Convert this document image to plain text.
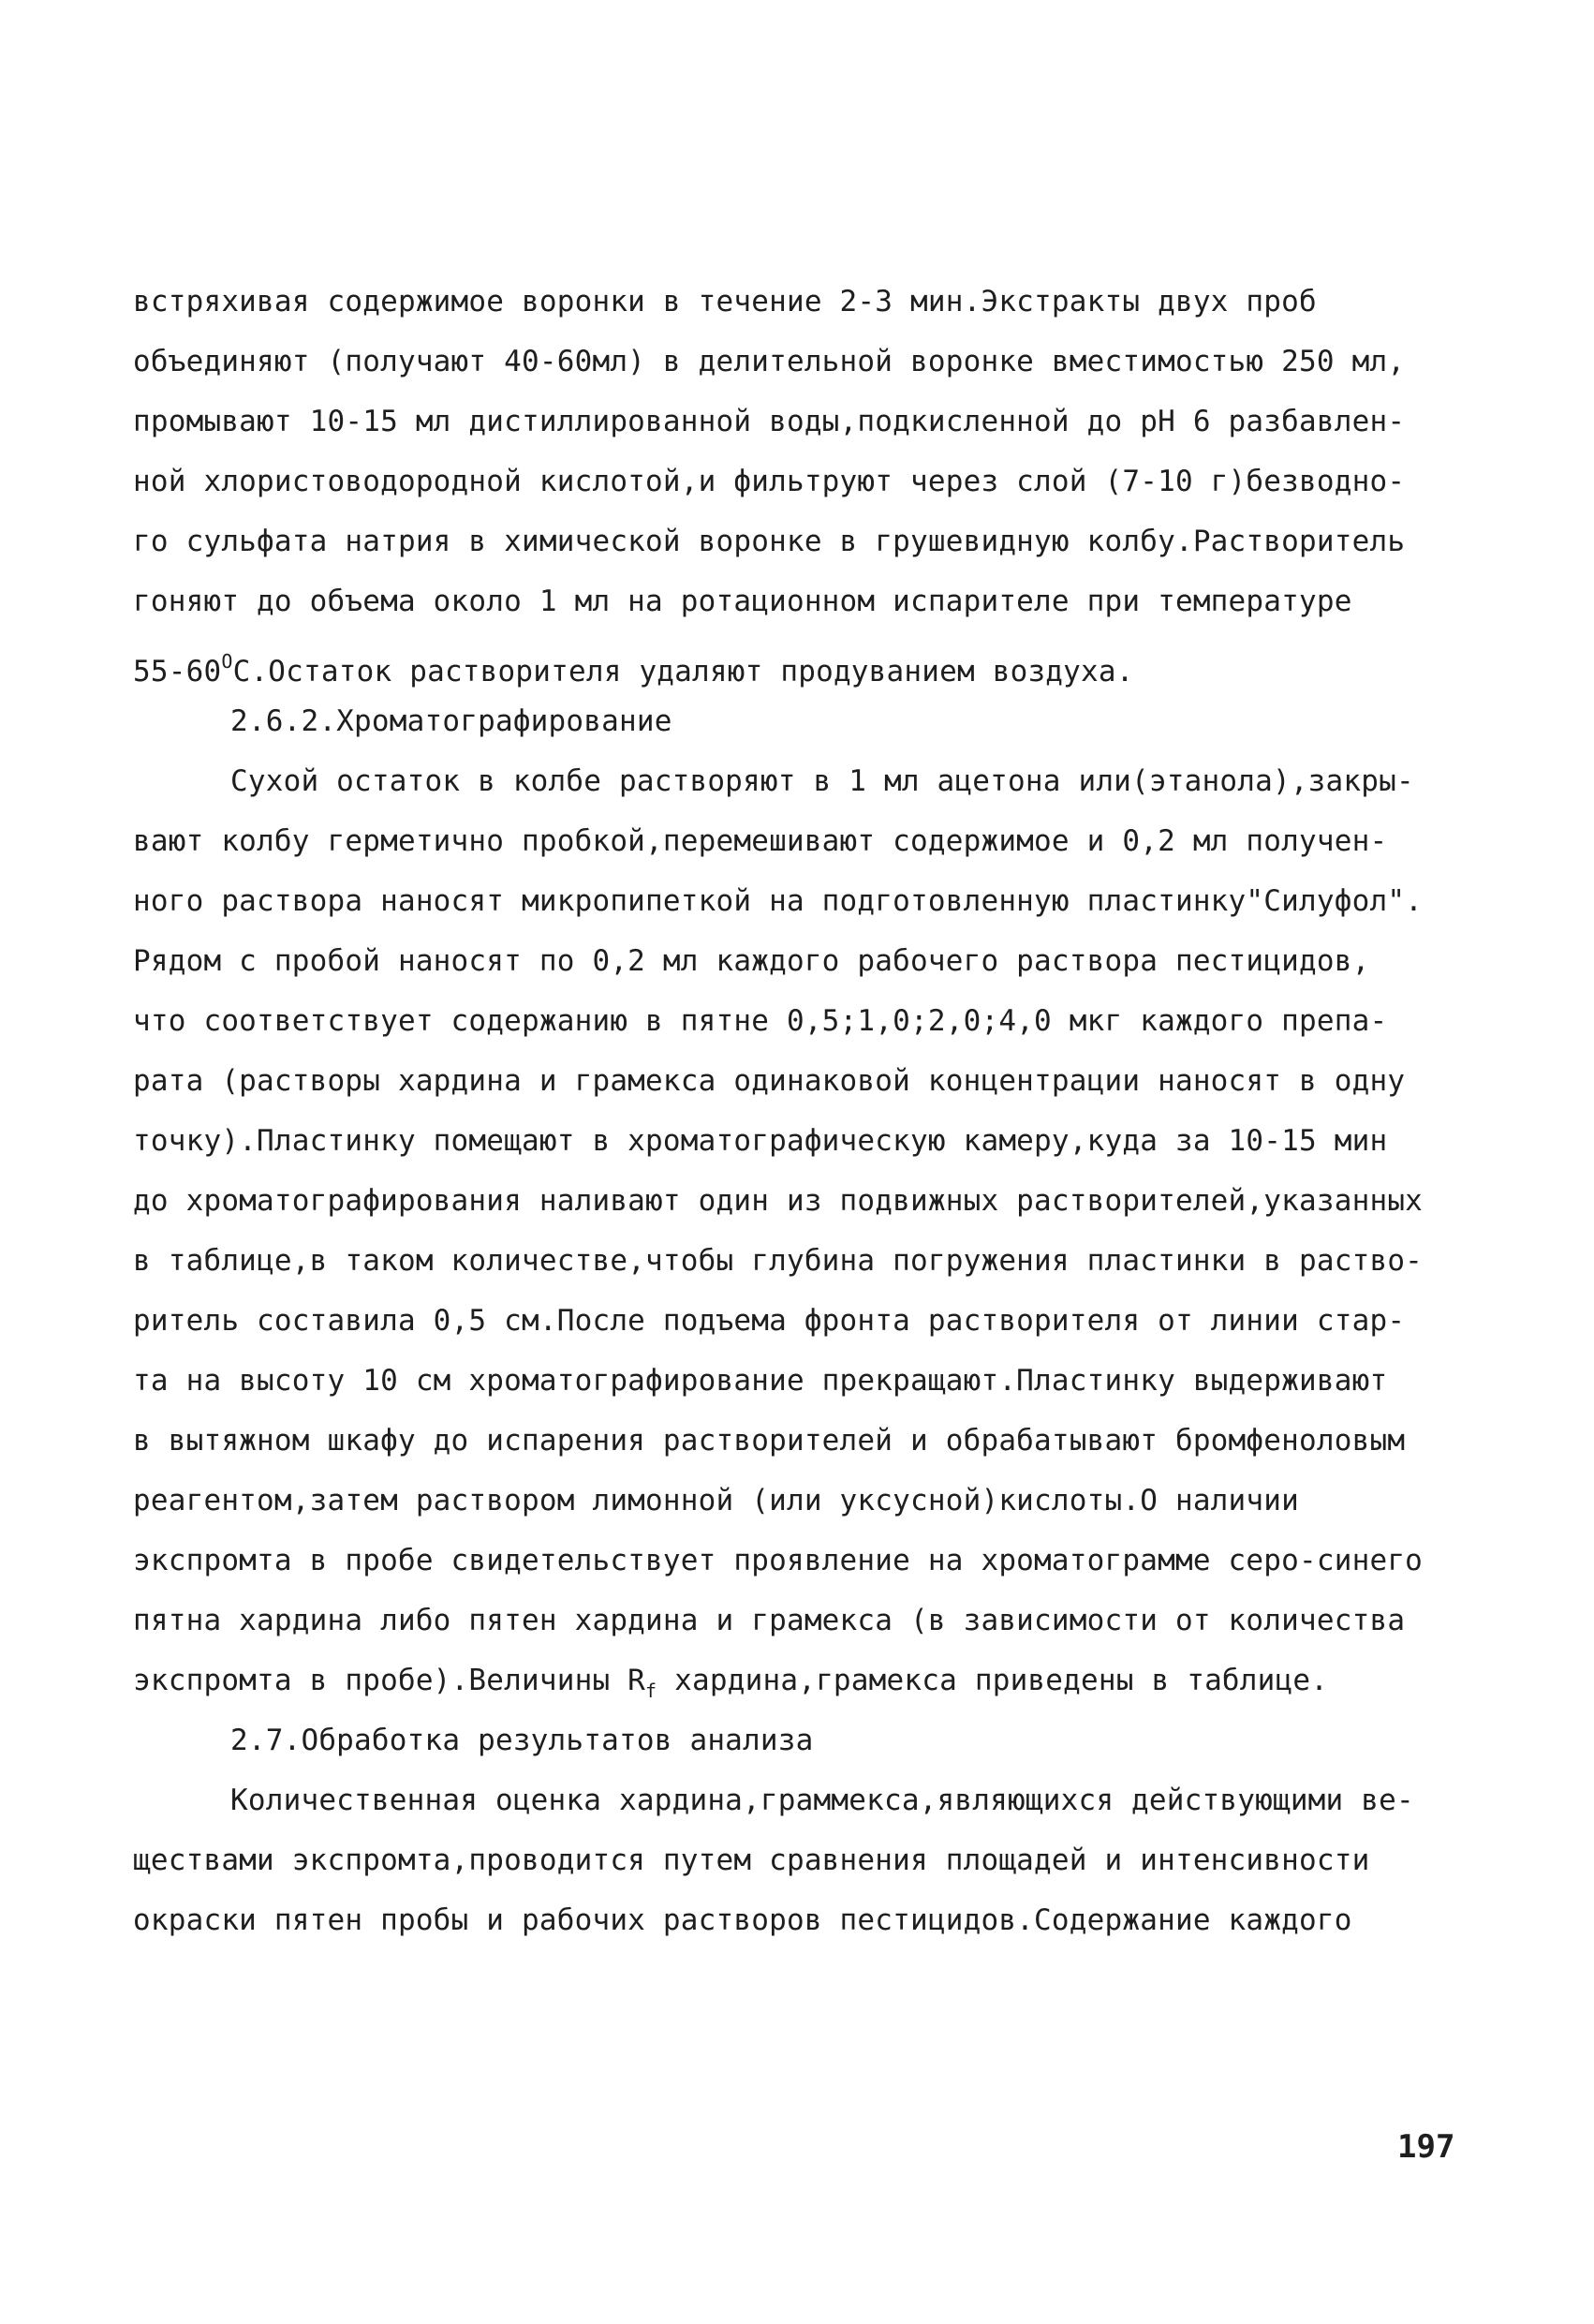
встряхивая содержимое воронки в течение 2-3 мин.Экстракты двух проб
объединяют (получают 40-60мл) в делительной воронке вместимостью 250 мл,
промывают 10-15 мл дистиллированной воды,подкисленной до pH 6 разбавлен-
ной хлористоводородной кислотой,и фильтруют через слой (7-10 г)безводно-
го сульфата натрия в химической воронке в грушевидную колбу.Растворитель
гоняют до объема около 1 мл на ротационном испарителе при температуре
$55-60^ОС.Остаток$ растворителя удаляют продуванием воздуха.
2.6.2.Хроматографирование
Сухой остаток в колбе растворяют в 1 мл ацетона или(этанола),закры-
вают колбу герметично пробкой,перемешивают содержимое и 0,2 мл получен-
ного раствора наносят микропипеткой на подготовленную пластинку"Силуфол".
Рядом с пробой наносят по 0,2 мл каждого рабочего раствора пестицидов,
что соответствует содержанию в пятне 0,5;1,0;2,0;4,0 мкг каждого препа-
рата (растворы хардина и грамекса одинаковой концентрации наносят в одну
точку).Пластинку помещают в хроматографическую камеру,куда за 10-15 мин
до хроматографирования наливают один из подвижных растворителей,указанных
в таблице,в таком количестве,чтобы глубина погружения пластинки в раство-
ритель составила 0,5 см.После подъема фронта растворителя от линии стар-
та на высоту 10 см хроматографирование прекращают.Пластинку выдерживают
в вытяжном шкафу до испарения растворителей и обрабатывают бромфеноловым
реагентом,затем раствором лимонной (или уксусной)кислоты.О наличии
экспромта в пробе свидетельствует проявление на хроматограмме серо-синего
пятна хардина либо пятен хардина и грамекса (в зависимости от количества
экспромта в пробе).Величины $R_f$ хардина,грамекса приведены в таблице.
2.7.Обработка результатов анализа
Количественная оценка хардина,граммекса,являющихся действующими ве-
ществами экспромта,проводится путем сравнения площадей и интенсивности
окраски пятен пробы и рабочих растворов пестицидов.Содержание каждого
197
